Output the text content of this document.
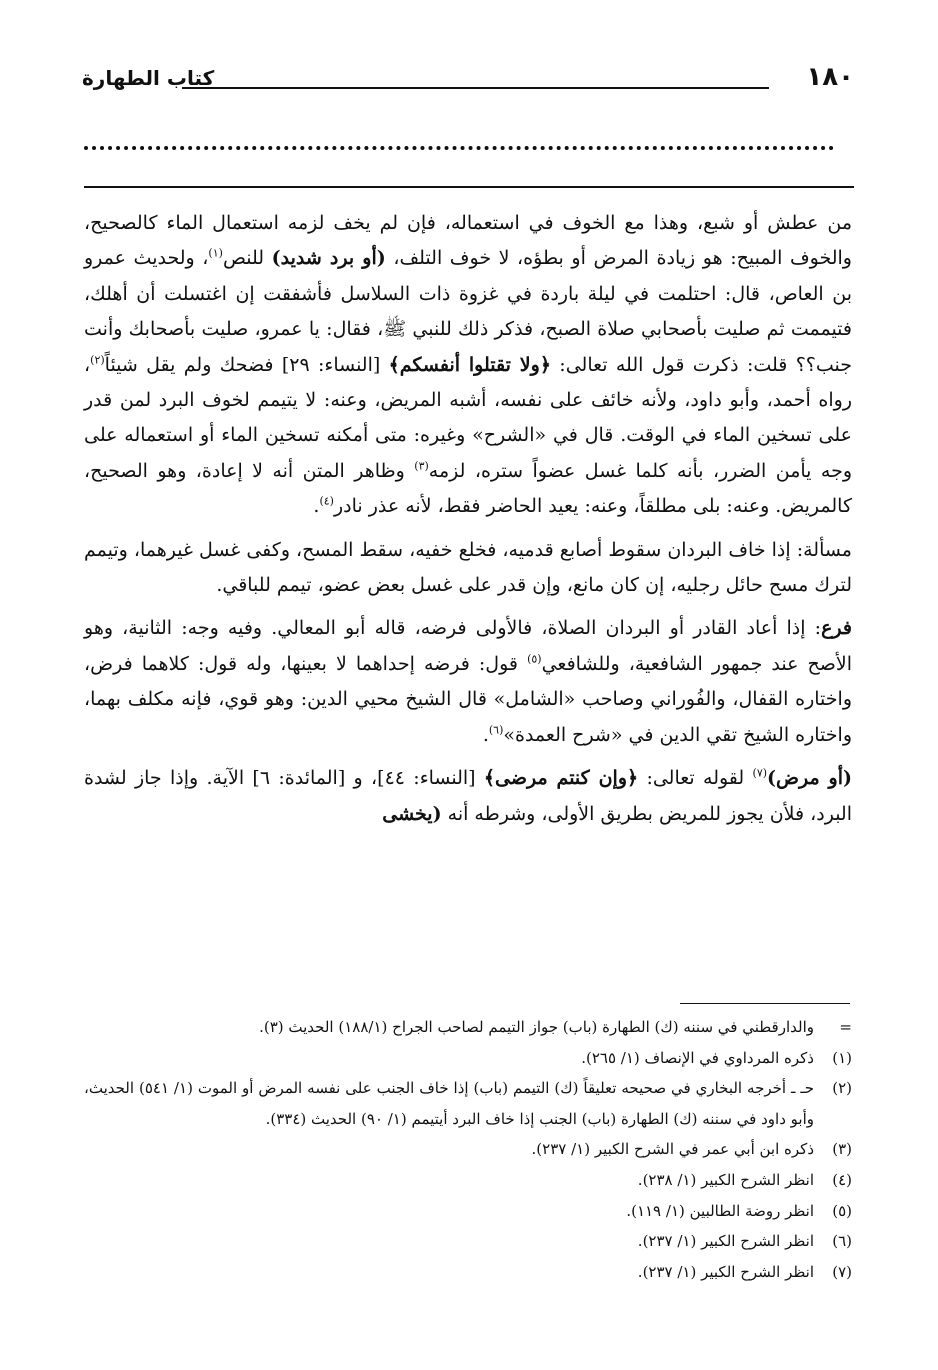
١٨٠
كتاب الطهارة

من عطش أو شبع، وهذا مع الخوف في استعماله، فإن لم يخف لزمه استعمال الماء كالصحيح، والخوف المبيح: هو زيادة المرض أو بطؤه، لا خوف التلف، (أو برد شديد) للنص$^{(١)}$، ولحديث عمرو بن العاص، قال: احتلمت في ليلة باردة في غزوة ذات السلاسل فأشفقت إن اغتسلت أن أهلك، فتيممت ثم صليت بأصحابي صلاة الصبح، فذكر ذلك للنبي ﷺ، فقال: يا عمرو، صليت بأصحابك وأنت جنب؟؟ قلت: ذكرت قول الله تعالى: ﴿ولا تقتلوا أنفسكم﴾ [النساء: ٢٩] فضحك ولم يقل شيئاً$^{(٢)}$، رواه أحمد، وأبو داود، ولأنه خائف على نفسه، أشبه المريض، وعنه: لا يتيمم لخوف البرد لمن قدر على تسخين الماء في الوقت. قال في «الشرح» وغيره: متى أمكنه تسخين الماء أو استعماله على وجه يأمن الضرر، بأنه كلما غسل عضواً ستره، لزمه$^{(٣)}$ وظاهر المتن أنه لا إعادة، وهو الصحيح، كالمريض. وعنه: بلى مطلقاً، وعنه: يعيد الحاضر فقط، لأنه عذر نادر$^{(٤)}$.

مسألة: إذا خاف البردان سقوط أصابع قدميه، فخلع خفيه، سقط المسح، وكفى غسل غيرهما، وتيمم لترك مسح حائل رجليه، إن كان مانع، وإن قدر على غسل بعض عضو، تيمم للباقي.

فرع: إذا أعاد القادر أو البردان الصلاة، فالأولى فرضه، قاله أبو المعالي. وفيه وجه: الثانية، وهو الأصح عند جمهور الشافعية، وللشافعي$^{(٥)}$ قول: فرضه إحداهما لا بعينها، وله قول: كلاهما فرض، واختاره القفال، والفُوراني وصاحب «الشامل» قال الشيخ محيي الدين: وهو قوي، فإنه مكلف بهما، واختاره الشيخ تقي الدين في «شرح العمدة»$^{(٦)}$.

(أو مرض)$^{(٧)}$ لقوله تعالى: ﴿وإن كنتم مرضى﴾ [النساء: ٤٤]، و [المائدة: ٦] الآية. وإذا جاز لشدة البرد، فلأن يجوز للمريض بطريق الأولى، وشرطه أنه (يخشى

=
والدارقطني في سننه (ك) الطهارة (باب) جواز التيمم لصاحب الجراح (١٨٨/١) الحديث (٣).
(١)
ذكره المرداوي في الإنصاف (١/ ٢٦٥).
(٢)
حـ ـ أخرجه البخاري في صحيحه تعليقاً (ك) التيمم (باب) إذا خاف الجنب على نفسه المرض أو الموت (١/ ٥٤١) الحديث، وأبو داود في سننه (ك) الطهارة (باب) الجنب إذا خاف البرد أيتيمم (١/ ٩٠) الحديث (٣٣٤).
(٣)
ذكره ابن أبي عمر في الشرح الكبير (١/ ٢٣٧).
(٤)
انظر الشرح الكبير (١/ ٢٣٨).
(٥)
انظر روضة الطالبين (١/ ١١٩).
(٦)
انظر الشرح الكبير (١/ ٢٣٧).
(٧)
انظر الشرح الكبير (١/ ٢٣٧).
